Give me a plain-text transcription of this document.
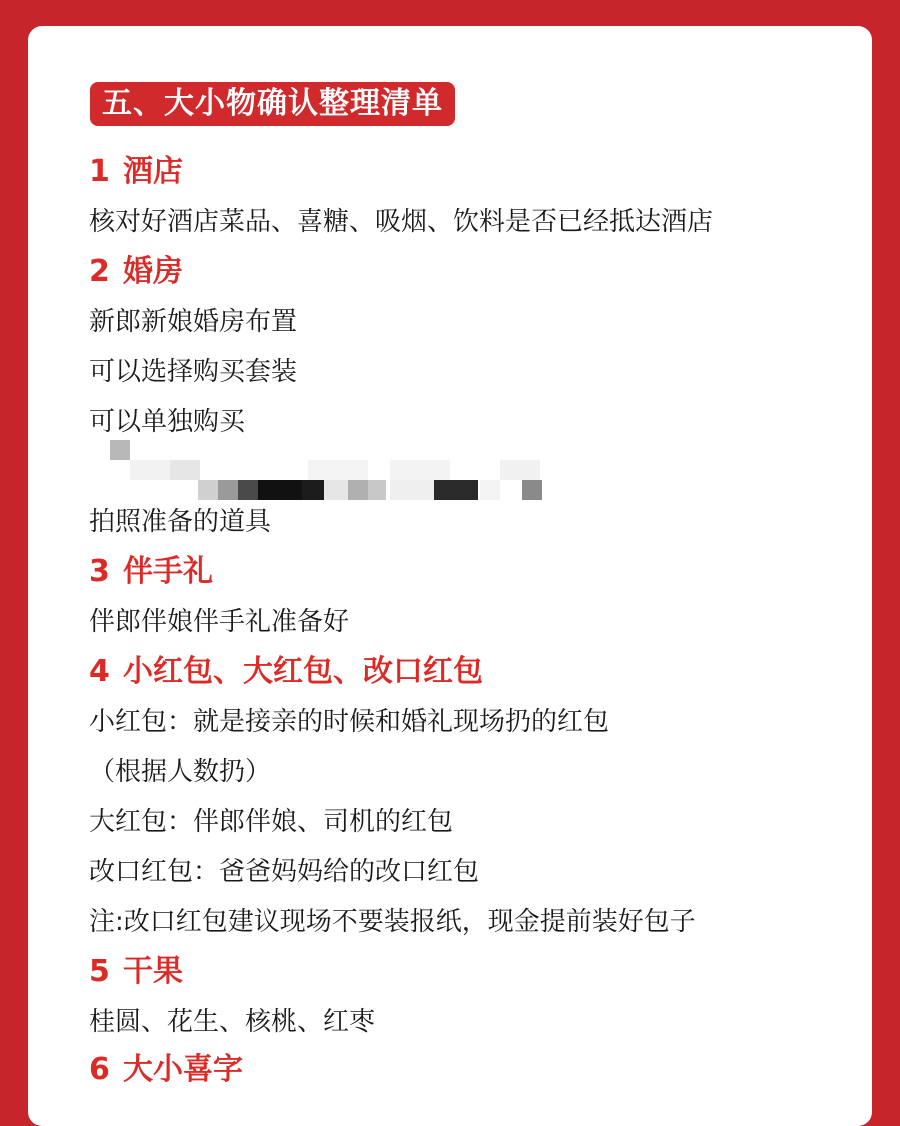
五、大小物确认整理清单
1 酒店
核对好酒店菜品、喜糖、吸烟、饮料是否已经抵达酒店
2 婚房
新郎新娘婚房布置
可以选择购买套装
可以单独购买
拍照准备的道具
3 伴手礼
伴郎伴娘伴手礼准备好
4 小红包、大红包、改口红包
小红包：就是接亲的时候和婚礼现场扔的红包
（根据人数扔）
大红包：伴郎伴娘、司机的红包
改口红包：爸爸妈妈给的改口红包
注:改口红包建议现场不要装报纸，现金提前装好包子
5 干果
桂圆、花生、核桃、红枣
6 大小喜字
